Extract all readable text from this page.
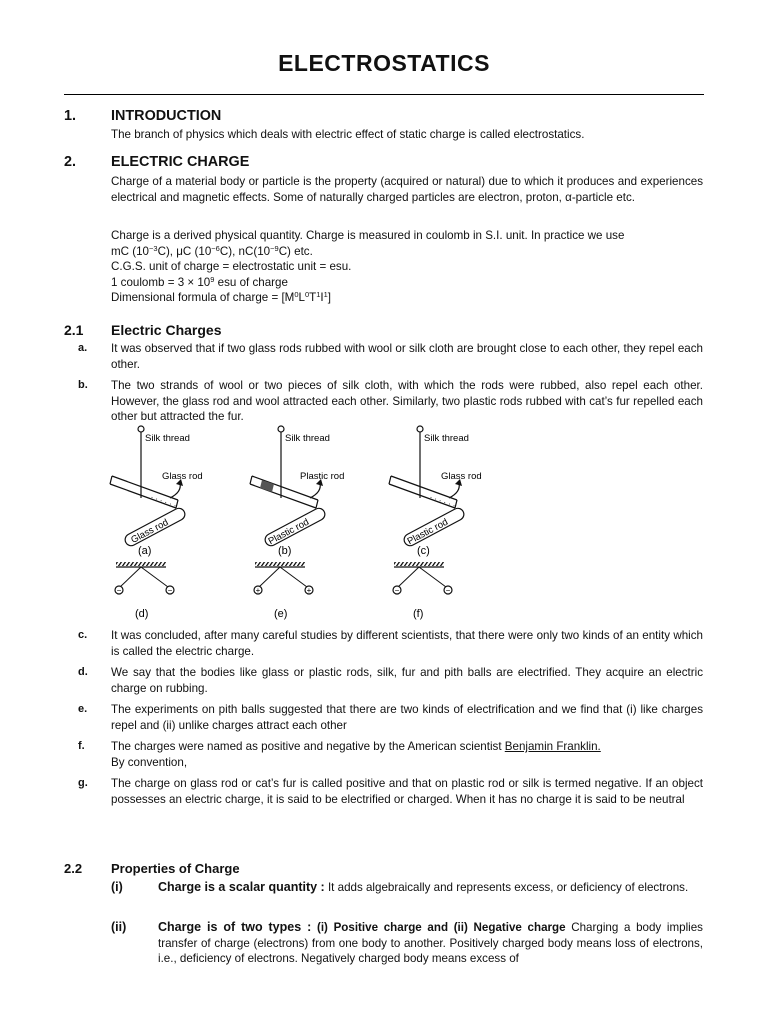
ELECTROSTATICS
1. INTRODUCTION
The branch of physics which deals with electric effect of static charge is called electrostatics.
2. ELECTRIC CHARGE
Charge of a material body or particle is the property (acquired or natural) due to which it produces and experiences electrical and magnetic effects. Some of naturally charged particles are electron, proton, α-particle etc.

Charge is a derived physical quantity. Charge is measured in coulomb in S.I. unit. In practice we use

mC $(10^{-3}C)$, μC $(10^{-6}C)$, $nC(10^{-9}C)$ etc.

C.G.S. unit of charge = electrostatic unit = esu.

1 coulomb = $3 \times 10^9$ esu of charge

Dimensional formula of charge = $[M^0L^0T^1I^1]$

2.1 Electric Charges
a. It was observed that if two glass rods rubbed with wool or silk cloth are brought close to each other, they repel each other.
b. The two strands of wool or two pieces of silk cloth, with which the rods were rubbed, also repel each other. However, the glass rod and wool attracted each other. Similarly, two plastic rods rubbed with cat’s fur repelled each other but attracted the fur.
Silk thread
· · · · · ·
Glass rod
Glass rod
(a)
Silk thread
Plastic rod
Plastic rod
(b)
Silk thread
· · · · · ·
Glass rod
Plastic rod
(c)
−	−
(d)
+	+
(e)
−	−
(f)
c. It was concluded, after many careful studies by different scientists, that there were only two kinds of an entity which is called the electric charge.
d. We say that the bodies like glass or plastic rods, silk, fur and pith balls are electrified. They acquire an electric charge on rubbing.
e. The experiments on pith balls suggested that there are two kinds of electrification and we find that (i) like charges repel and (ii) unlike charges attract each other
f. The charges were named as positive and negative by the American scientist Benjamin Franklin.
By convention,
g. The charge on glass rod or cat’s fur is called positive and that on plastic rod or silk is termed negative. If an object possesses an electric charge, it is said to be electrified or charged. When it has no charge it is said to be neutral
2.2 Properties of Charge
(i)	Charge is a scalar quantity : It adds algebraically and represents excess, or deficiency of electrons.
(ii)	Charge is of two types : (i) Positive charge and (ii) Negative charge Charging a body implies transfer of charge (electrons) from one body to another. Positively charged body means loss of electrons, i.e., deficiency of electrons. Negatively charged body means excess of
